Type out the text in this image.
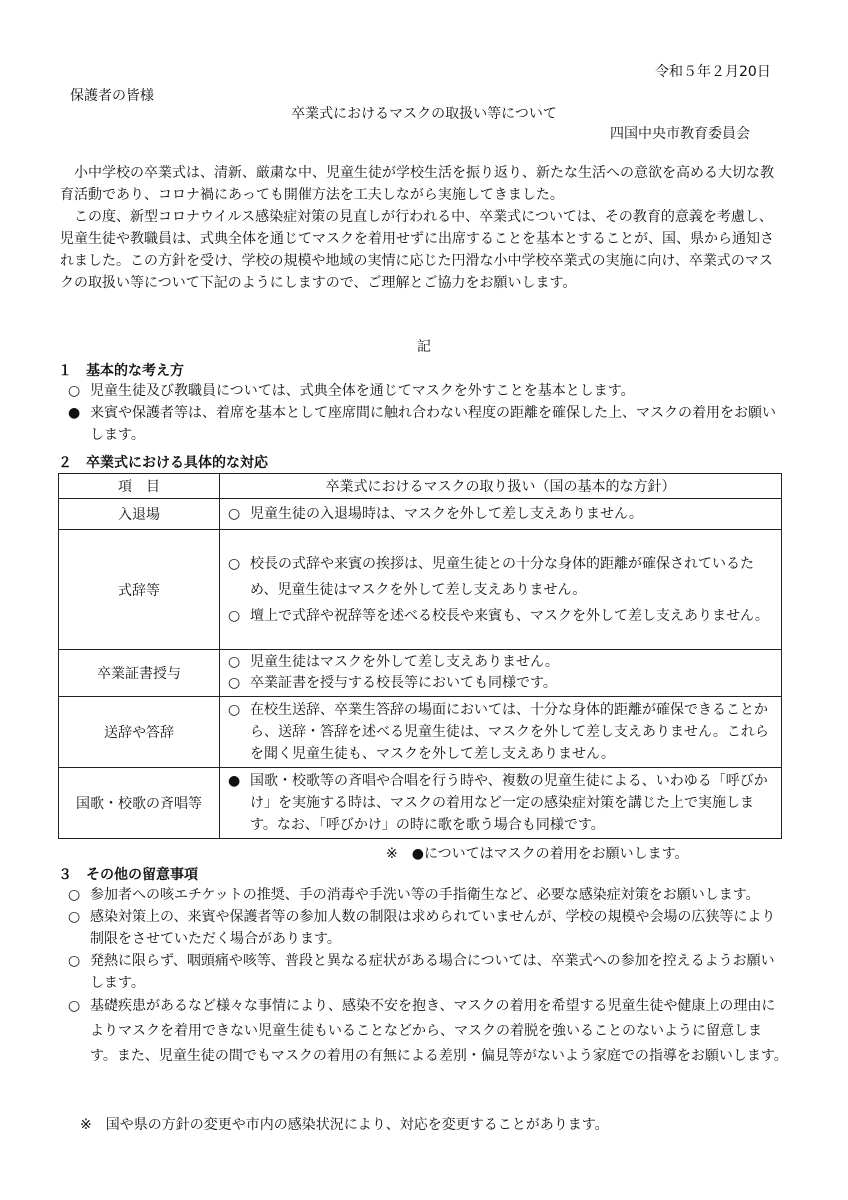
令和５年２月20日
保護者の皆様
卒業式におけるマスクの取扱い等について
四国中央市教育委員会

小中学校の卒業式は、清新、厳粛な中、児童生徒が学校生活を振り返り、新たな生活への意欲を高める大切な教育活動であり、コロナ禍にあっても開催方法を工夫しながら実施してきました。

この度、新型コロナウイルス感染症対策の見直しが行われる中、卒業式については、その教育的意義を考慮し、児童生徒や教職員は、式典全体を通じてマスクを着用せずに出席することを基本とすることが、国、県から通知されました。この方針を受け、学校の規模や地域の実情に応じた円滑な小中学校卒業式の実施に向け、卒業式のマスクの取扱い等について下記のようにしますので、ご理解とご協力をお願いします。

記
１　基本的な考え方
○ 児童生徒及び教職員については、式典全体を通じてマスクを外すことを基本とします。
● 来賓や保護者等は、着席を基本として座席間に触れ合わない程度の距離を確保した上、マスクの着用をお願いします。
２　卒業式における具体的な対応
項　目	卒業式におけるマスクの取り扱い（国の基本的な方針）
入退場	○ 児童生徒の入退場時は、マスクを外して差し支えありません。

式辞等	○ 校長の式辞や来賓の挨拶は、児童生徒との十分な身体的距離が確保されているため、児童生徒はマスクを外して差し支えありません。
○ 壇上で式辞や祝辞等を述べる校長や来賓も、マスクを外して差し支えありません。

卒業証書授与	○ 児童生徒はマスクを外して差し支えありません。
○ 卒業証書を授与する校長等においても同様です。

送辞や答辞	○ 在校生送辞、卒業生答辞の場面においては、十分な身体的距離が確保できることから、送辞・答辞を述べる児童生徒は、マスクを外して差し支えありません。これらを聞く児童生徒も、マスクを外して差し支えありません。

国歌・校歌の斉唱等	● 国歌・校歌等の斉唱や合唱を行う時や、複数の児童生徒による、いわゆる「呼びかけ」を実施する時は、マスクの着用など一定の感染症対策を講じた上で実施します。なお、「呼びかけ」の時に歌を歌う場合も同様です。
※　●についてはマスクの着用をお願いします。
３　その他の留意事項
○ 参加者への咳エチケットの推奨、手の消毒や手洗い等の手指衛生など、必要な感染症対策をお願いします。
○ 感染対策上の、来賓や保護者等の参加人数の制限は求められていませんが、学校の規模や会場の広狭等により制限をさせていただく場合があります。
○ 発熱に限らず、咽頭痛や咳等、普段と異なる症状がある場合については、卒業式への参加を控えるようお願いします。
○ 基礎疾患があるなど様々な事情により、感染不安を抱き、マスクの着用を希望する児童生徒や健康上の理由によりマスクを着用できない児童生徒もいることなどから、マスクの着脱を強いることのないように留意します。また、児童生徒の間でもマスクの着用の有無による差別・偏見等がないよう家庭での指導をお願いします。
※　国や県の方針の変更や市内の感染状況により、対応を変更することがあります。
